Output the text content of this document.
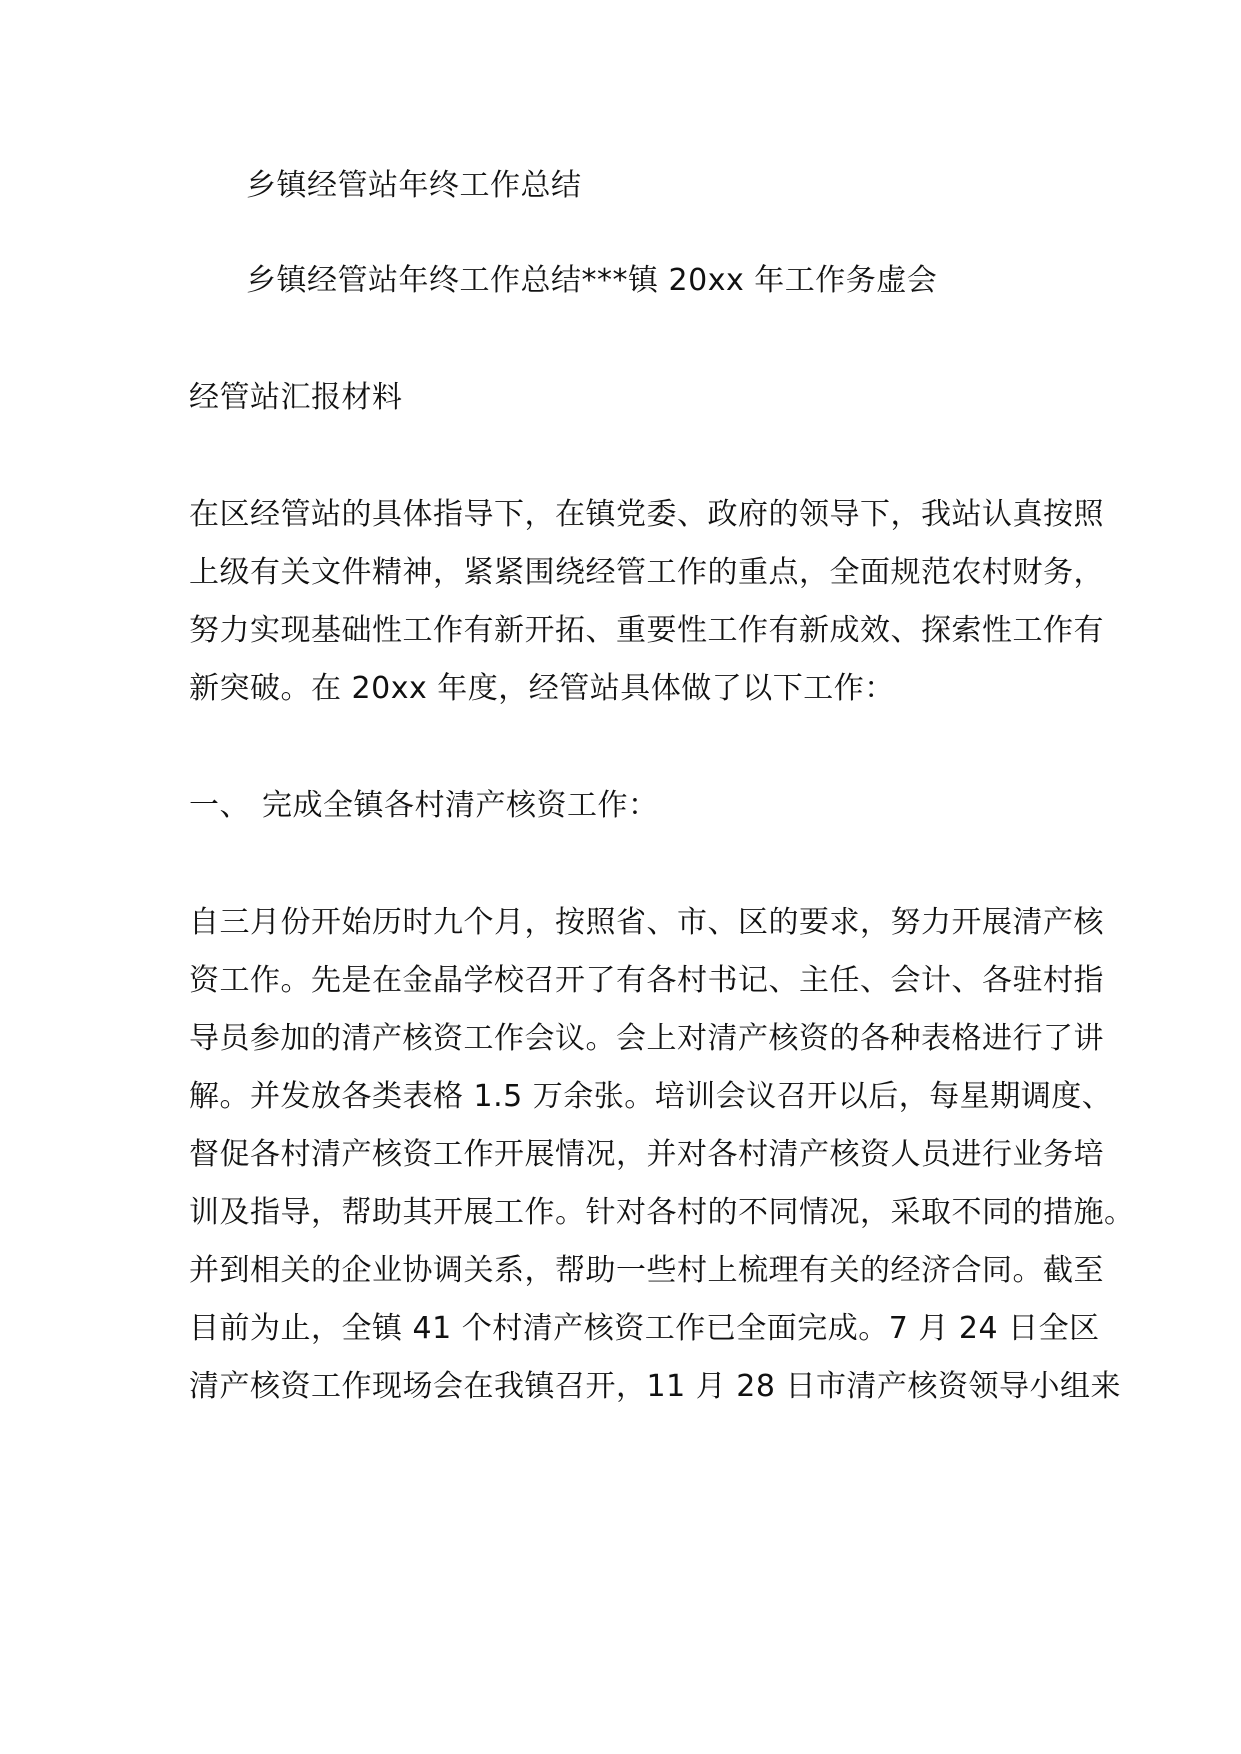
乡镇经管站年终工作总结
乡镇经管站年终工作总结***镇 20xx 年工作务虚会
经管站汇报材料
在区经管站的具体指导下，在镇党委、政府的领导下，我站认真按照
上级有关文件精神，紧紧围绕经管工作的重点，全面规范农村财务，
努力实现基础性工作有新开拓、重要性工作有新成效、探索性工作有
新突破。在 20xx 年度，经管站具体做了以下工作：
一、 完成全镇各村清产核资工作：
自三月份开始历时九个月，按照省、市、区的要求，努力开展清产核
资工作。先是在金晶学校召开了有各村书记、主任、会计、各驻村指
导员参加的清产核资工作会议。会上对清产核资的各种表格进行了讲
解。并发放各类表格 1.5 万余张。培训会议召开以后，每星期调度、
督促各村清产核资工作开展情况，并对各村清产核资人员进行业务培
训及指导，帮助其开展工作。针对各村的不同情况，采取不同的措施。
并到相关的企业协调关系，帮助一些村上梳理有关的经济合同。截至
目前为止，全镇 41 个村清产核资工作已全面完成。7 月 24 日全区
清产核资工作现场会在我镇召开，11 月 28 日市清产核资领导小组来
